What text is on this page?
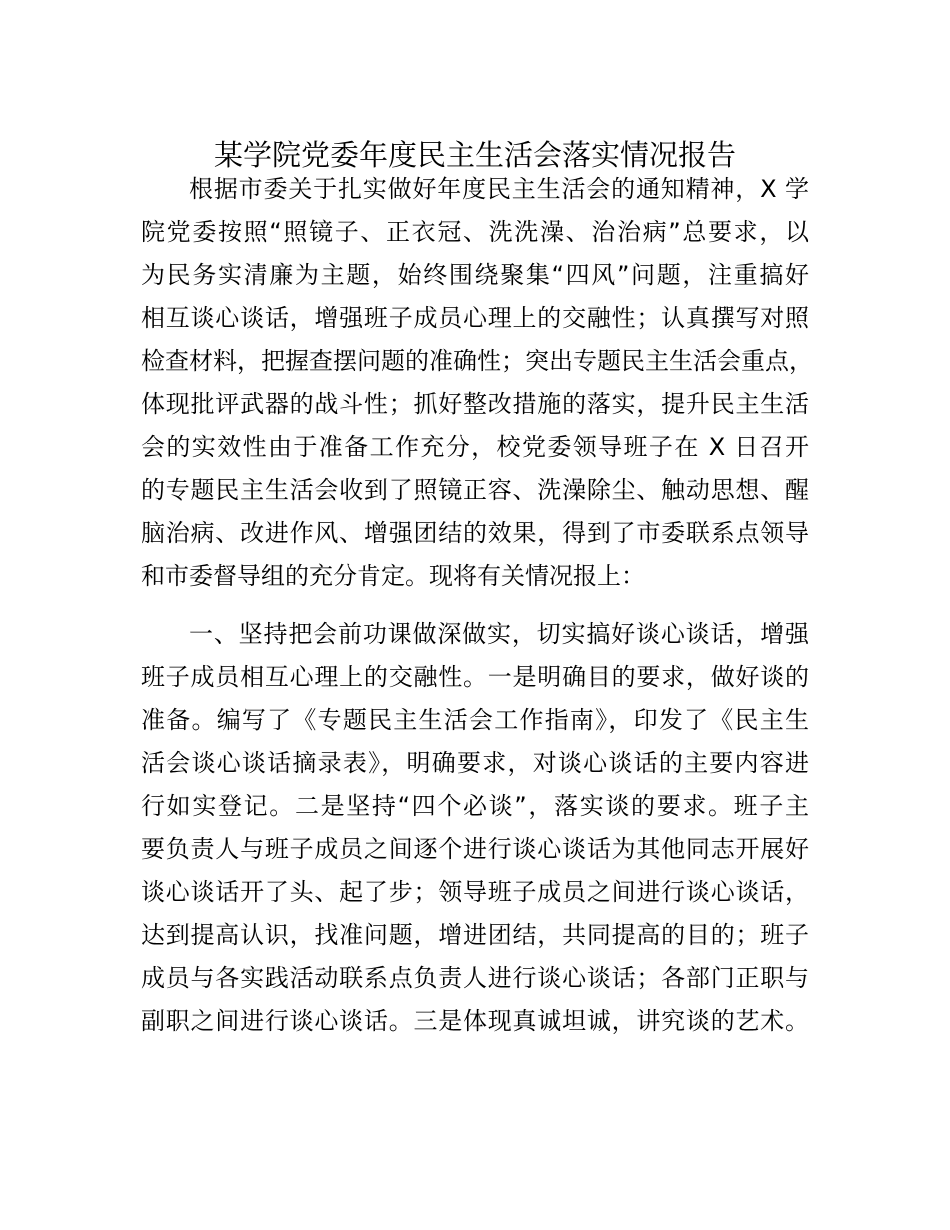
某学院党委年度民主生活会落实情况报告
根据市委关于扎实做好年度民主生活会的通知精神，X 学
院党委按照“照镜子、正衣冠、洗洗澡、治治病”总要求，以
为民务实清廉为主题，始终围绕聚集“四风”问题，注重搞好
相互谈心谈话，增强班子成员心理上的交融性；认真撰写对照
检查材料，把握查摆问题的准确性；突出专题民主生活会重点，
体现批评武器的战斗性；抓好整改措施的落实，提升民主生活
会的实效性由于准备工作充分，校党委领导班子在 X 日召开
的专题民主生活会收到了照镜正容、洗澡除尘、触动思想、醒
脑治病、改进作风、增强团结的效果，得到了市委联系点领导
和市委督导组的充分肯定。现将有关情况报上：
一、坚持把会前功课做深做实，切实搞好谈心谈话，增强
班子成员相互心理上的交融性。一是明确目的要求，做好谈的
准备。编写了《专题民主生活会工作指南》，印发了《民主生
活会谈心谈话摘录表》，明确要求，对谈心谈话的主要内容进
行如实登记。二是坚持“四个必谈”，落实谈的要求。班子主
要负责人与班子成员之间逐个进行谈心谈话为其他同志开展好
谈心谈话开了头、起了步；领导班子成员之间进行谈心谈话，
达到提高认识，找准问题，增进团结，共同提高的目的；班子
成员与各实践活动联系点负责人进行谈心谈话；各部门正职与
副职之间进行谈心谈话。三是体现真诚坦诚，讲究谈的艺术。
